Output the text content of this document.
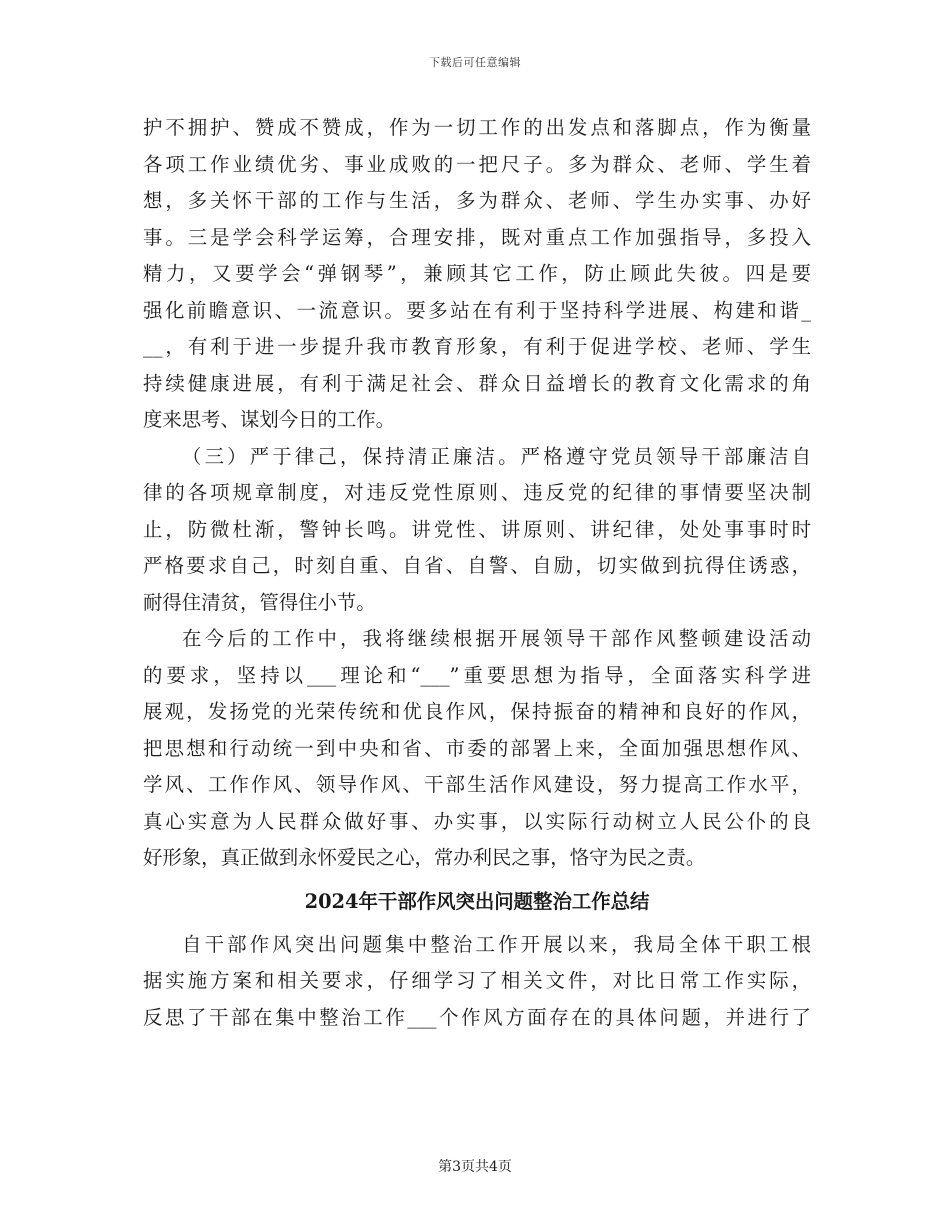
下载后可任意编辑
护不拥护、赞成不赞成，作为一切工作的出发点和落脚点，作为衡量
各项工作业绩优劣、事业成败的一把尺子。多为群众、老师、学生着
想，多关怀干部的工作与生活，多为群众、老师、学生办实事、办好
事。三是学会科学运筹，合理安排，既对重点工作加强指导，多投入
精力，又要学会“弹钢琴”，兼顾其它工作，防止顾此失彼。四是要
强化前瞻意识、一流意识。要多站在有利于坚持科学进展、构建和谐_
__，有利于进一步提升我市教育形象，有利于促进学校、老师、学生
持续健康进展，有利于满足社会、群众日益增长的教育文化需求的角
度来思考、谋划今日的工作。
（三）严于律己，保持清正廉洁。严格遵守党员领导干部廉洁自
律的各项规章制度，对违反党性原则、违反党的纪律的事情要坚决制
止，防微杜渐，警钟长鸣。讲党性、讲原则、讲纪律，处处事事时时
严格要求自己，时刻自重、自省、自警、自励，切实做到抗得住诱惑，
耐得住清贫，管得住小节。
在今后的工作中，我将继续根据开展领导干部作风整顿建设活动
的要求，坚持以___理论和“___”重要思想为指导，全面落实科学进
展观，发扬党的光荣传统和优良作风，保持振奋的精神和良好的作风，
把思想和行动统一到中央和省、市委的部署上来，全面加强思想作风、
学风、工作作风、领导作风、干部生活作风建设，努力提高工作水平，
真心实意为人民群众做好事、办实事，以实际行动树立人民公仆的良
好形象，真正做到永怀爱民之心，常办利民之事，恪守为民之责。
2024年干部作风突出问题整治工作总结
自干部作风突出问题集中整治工作开展以来，我局全体干职工根
据实施方案和相关要求，仔细学习了相关文件，对比日常工作实际，
反思了干部在集中整治工作___个作风方面存在的具体问题，并进行了
第3页共4页
